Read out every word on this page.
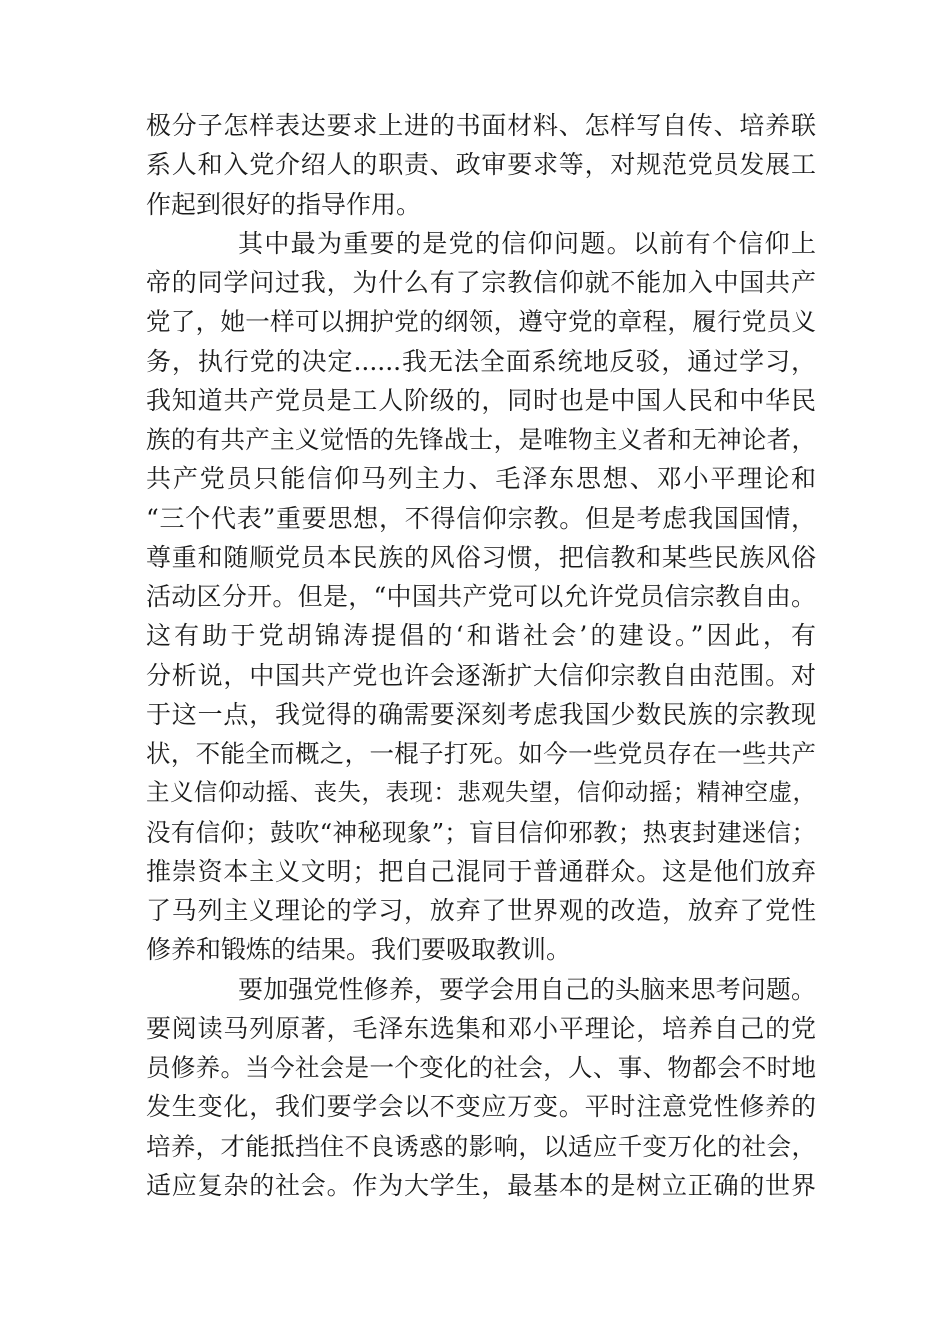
极分子怎样表达要求上进的书面材料、怎样写自传、培养联
系人和入党介绍人的职责、政审要求等，对规范党员发展工
作起到很好的指导作用。
其中最为重要的是党的信仰问题。以前有个信仰上
帝的同学问过我，为什么有了宗教信仰就不能加入中国共产
党了，她一样可以拥护党的纲领，遵守党的章程，履行党员义
务，执行党的决定......我无法全面系统地反驳，通过学习，
我知道共产党员是工人阶级的，同时也是中国人民和中华民
族的有共产主义觉悟的先锋战士，是唯物主义者和无神论者，
共产党员只能信仰马列主力、毛泽东思想、邓小平理论和
“三个代表”重要思想，不得信仰宗教。但是考虑我国国情，
尊重和随顺党员本民族的风俗习惯，把信教和某些民族风俗
活动区分开。但是，“中国共产党可以允许党员信宗教自由。
这有助于党胡锦涛提倡的‘和谐社会’的建设。”因此，有
分析说，中国共产党也许会逐渐扩大信仰宗教自由范围。对
于这一点，我觉得的确需要深刻考虑我国少数民族的宗教现
状，不能全而概之，一棍子打死。如今一些党员存在一些共产
主义信仰动摇、丧失，表现：悲观失望，信仰动摇；精神空虚，
没有信仰；鼓吹“神秘现象”；盲目信仰邪教；热衷封建迷信；
推崇资本主义文明；把自己混同于普通群众。这是他们放弃
了马列主义理论的学习，放弃了世界观的改造，放弃了党性
修养和锻炼的结果。我们要吸取教训。
要加强党性修养，要学会用自己的头脑来思考问题。
要阅读马列原著，毛泽东选集和邓小平理论，培养自己的党
员修养。当今社会是一个变化的社会，人、事、物都会不时地
发生变化，我们要学会以不变应万变。平时注意党性修养的
培养，才能抵挡住不良诱惑的影响，以适应千变万化的社会，
适应复杂的社会。作为大学生，最基本的是树立正确的世界
